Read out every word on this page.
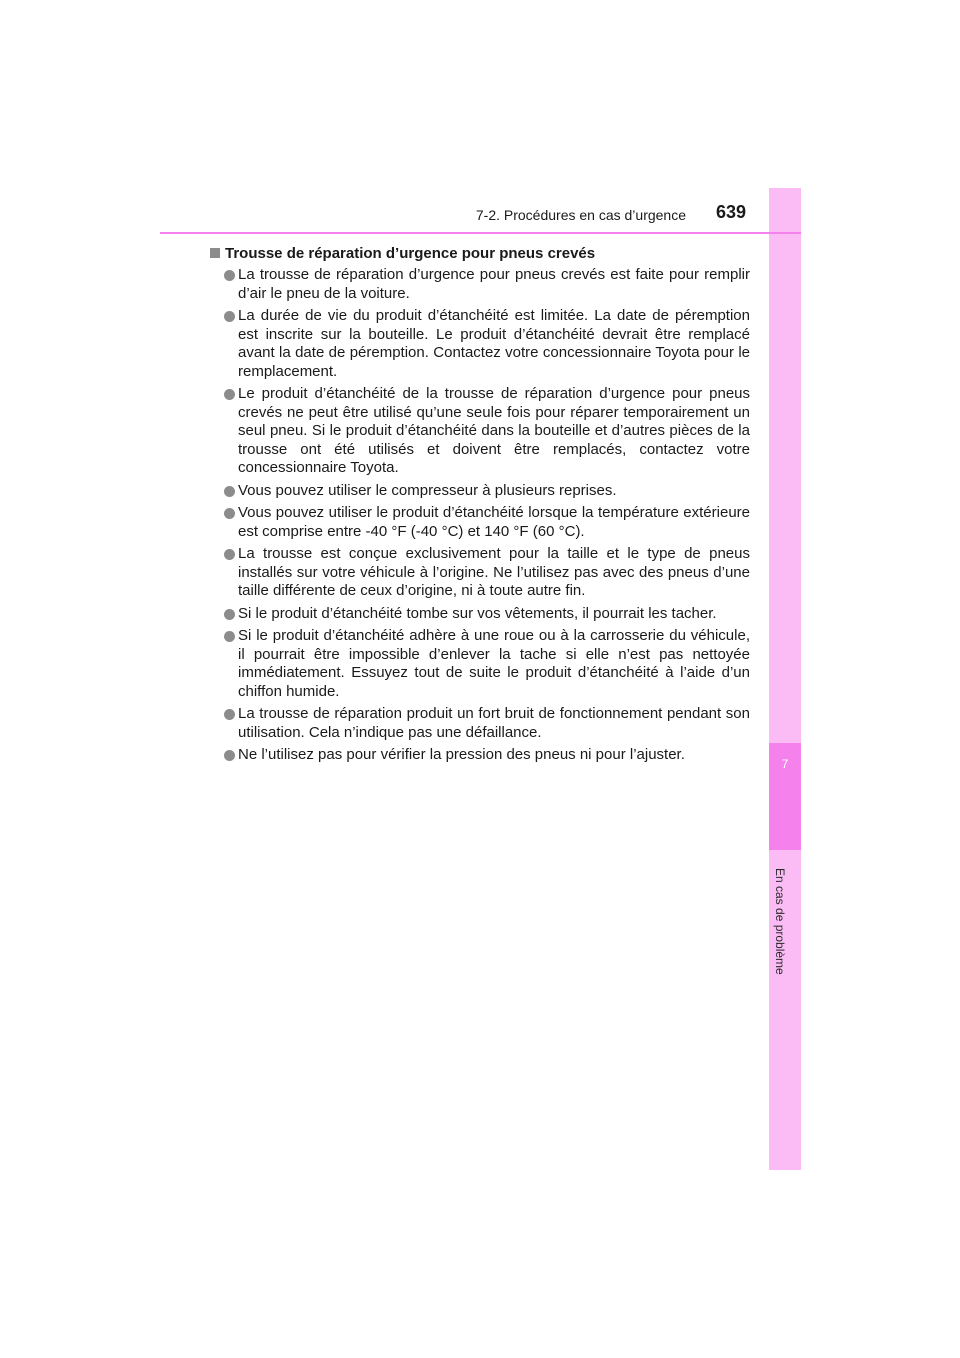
7
En cas de problème
7-2. Procédures en cas d’urgence 639
Trousse de réparation d’urgence pour pneus crevés
La trousse de réparation d’urgence pour pneus crevés est faite pour remplir d’air le pneu de la voiture.
La durée de vie du produit d’étanchéité est limitée. La date de péremption est inscrite sur la bouteille. Le produit d’étanchéité devrait être remplacé avant la date de péremption. Contactez votre concessionnaire Toyota pour le remplacement.
Le produit d’étanchéité de la trousse de réparation d’urgence pour pneus crevés ne peut être utilisé qu’une seule fois pour réparer temporairement un seul pneu. Si le produit d’étanchéité dans la bouteille et d’autres pièces de la trousse ont été utilisés et doivent être remplacés, contactez votre concessionnaire Toyota.
Vous pouvez utiliser le compresseur à plusieurs reprises.
Vous pouvez utiliser le produit d’étanchéité lorsque la température extérieure est comprise entre -40 °F (-40 °C) et 140 °F (60 °C).
La trousse est conçue exclusivement pour la taille et le type de pneus installés sur votre véhicule à l’origine. Ne l’utilisez pas avec des pneus d’une taille différente de ceux d’origine, ni à toute autre fin.
Si le produit d’étanchéité tombe sur vos vêtements, il pourrait les tacher.
Si le produit d’étanchéité adhère à une roue ou à la carrosserie du véhicule, il pourrait être impossible d’enlever la tache si elle n’est pas nettoyée immédiatement. Essuyez tout de suite le produit d’étanchéité à l’aide d’un chiffon humide.
La trousse de réparation produit un fort bruit de fonctionnement pendant son utilisation. Cela n’indique pas une défaillance.
Ne l’utilisez pas pour vérifier la pression des pneus ni pour l’ajuster.
